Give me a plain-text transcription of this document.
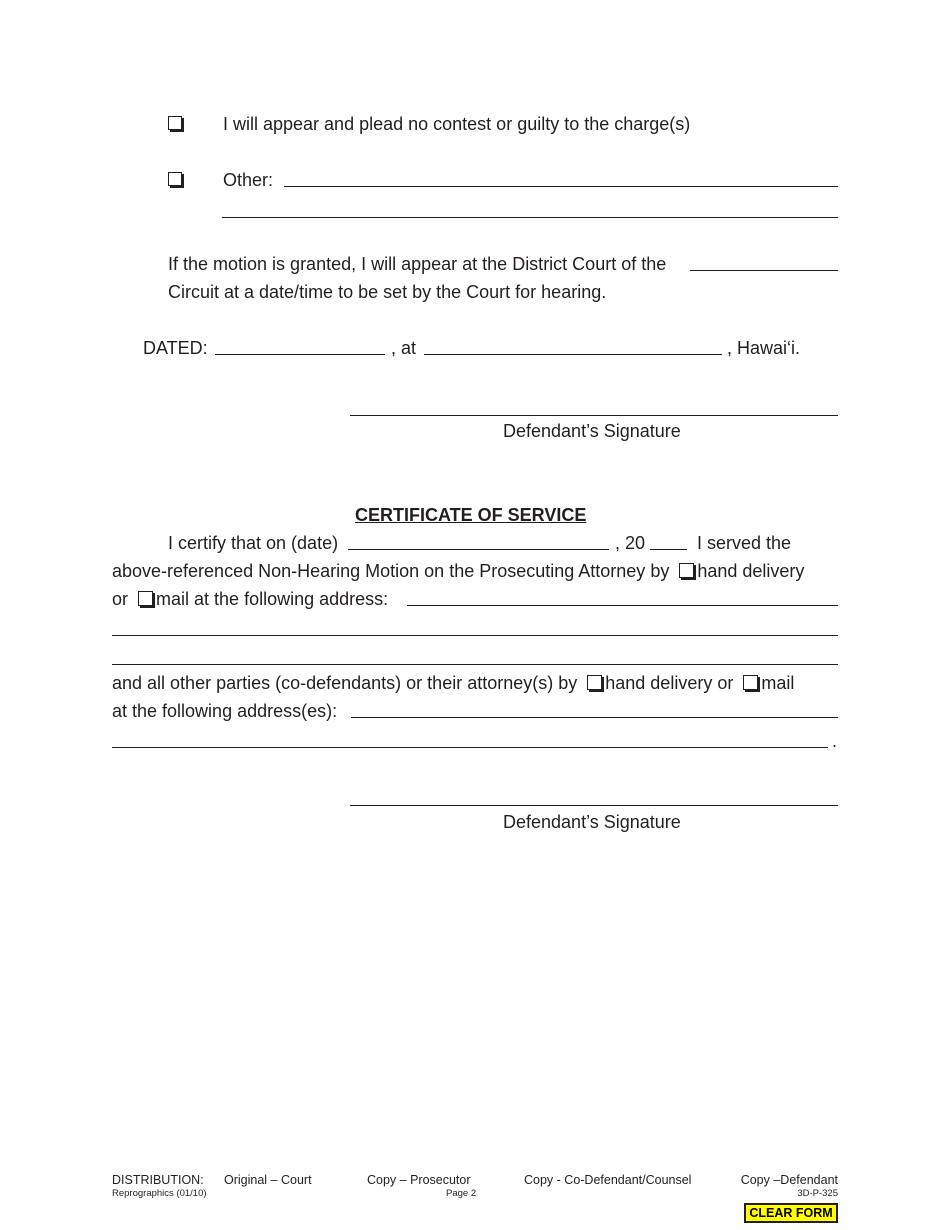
I will appear and plead no contest or guilty to the charge(s)
Other:
If the motion is granted, I will appear at the District Court of the
Circuit at a date/time to be set by the Court for hearing.
DATED:	, at	, Hawai‘i.
Defendant’s Signature
CERTIFICATE OF SERVICE
I certify that on (date)	, 20	I served the
above-referenced Non-Hearing Motion on the Prosecuting Attorney by hand delivery
or mail at the following address:
and all other parties (co-defendants) or their attorney(s) by hand delivery or mail
at the following address(es):
.
Defendant’s Signature
DISTRIBUTION: Original – Court	Copy – Prosecutor	Copy - Co-Defendant/Counsel	Copy –Defendant
Reprographics (01/10)	Page 2	3D-P-325
CLEAR FORM
